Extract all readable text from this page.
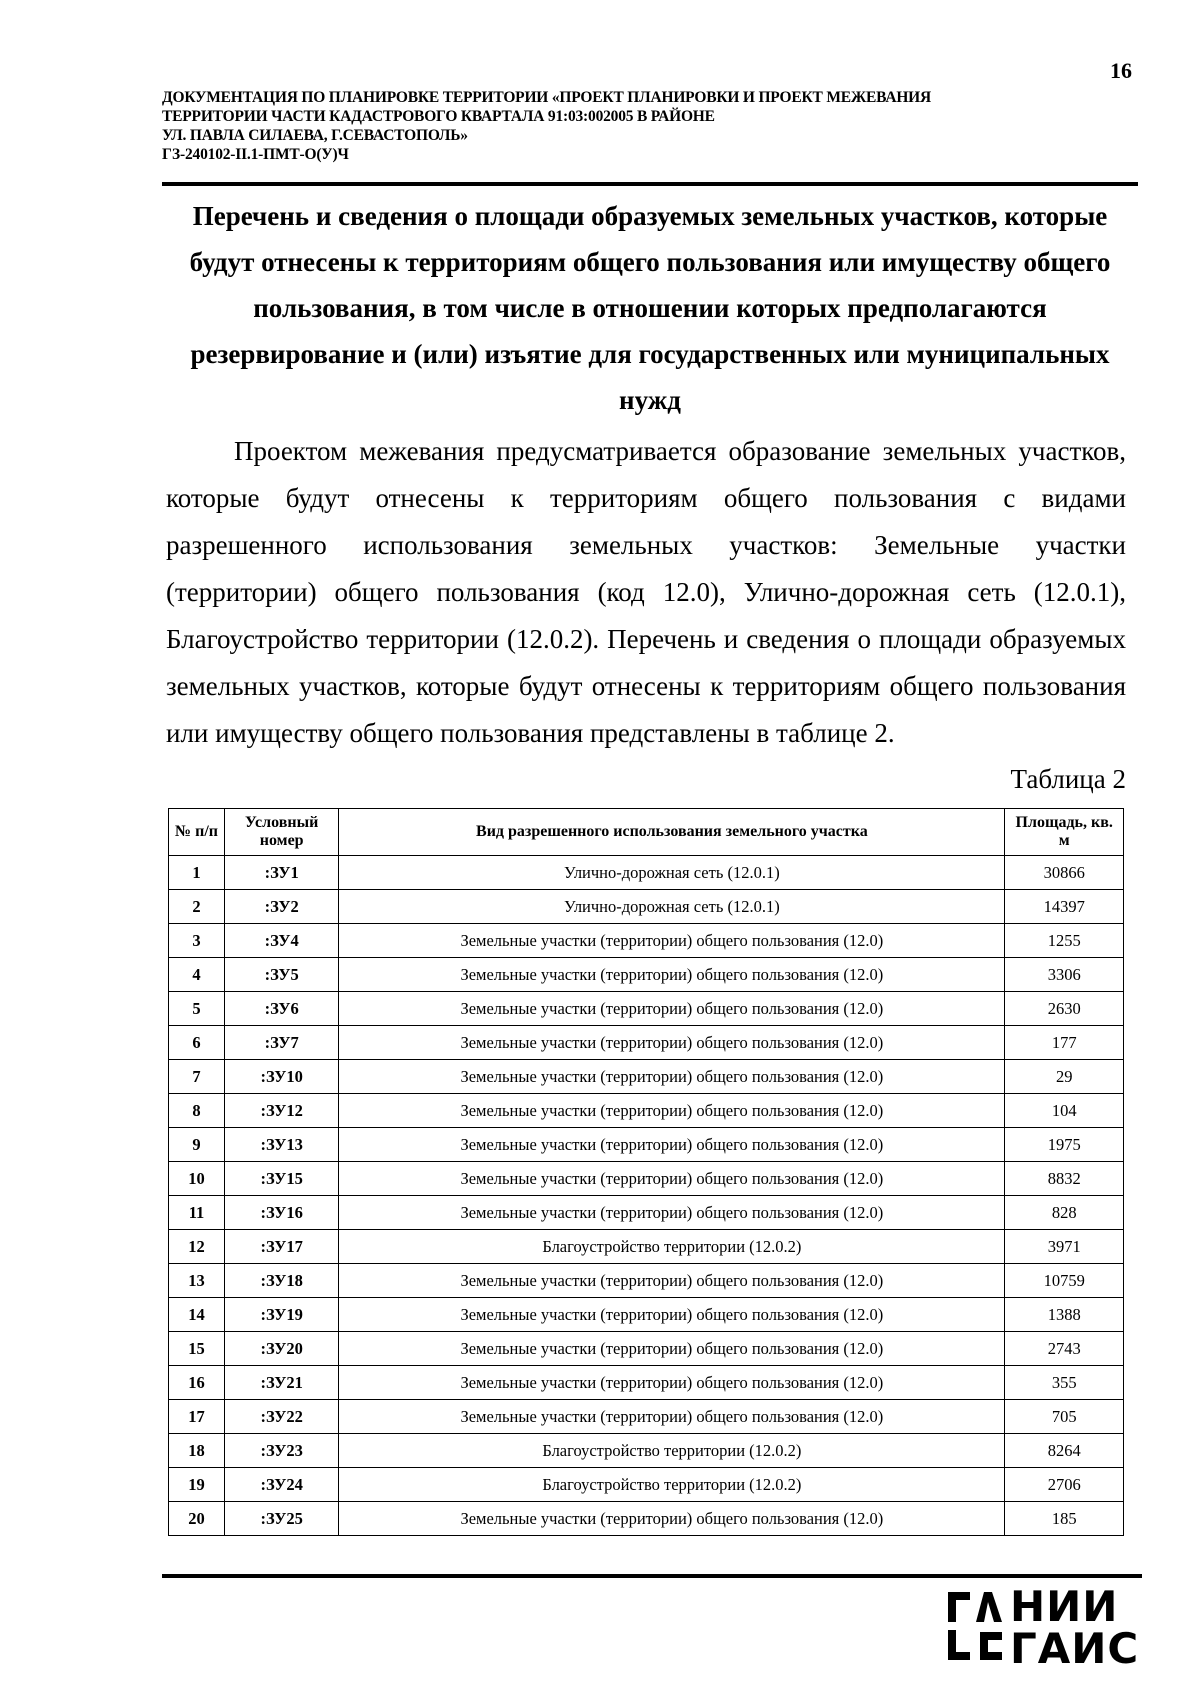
16
ДОКУМЕНТАЦИЯ ПО ПЛАНИРОВКЕ ТЕРРИТОРИИ «ПРОЕКТ ПЛАНИРОВКИ И ПРОЕКТ МЕЖЕВАНИЯ
ТЕРРИТОРИИ ЧАСТИ КАДАСТРОВОГО КВАРТАЛА 91:03:002005 В РАЙОНЕ
УЛ. ПАВЛА СИЛАЕВА, Г.СЕВАСТОПОЛЬ»
ГЗ-240102-II.1-ПМТ-О(У)Ч
Перечень и сведения о площади образуемых земельных участков, которые будут отнесены к территориям общего пользования или имуществу общего пользования, в том числе в отношении которых предполагаются резервирование и (или) изъятие для государственных или муниципальных нужд
Проектом межевания предусматривается образование земельных участков, которые будут отнесены к территориям общего пользования с видами разрешенного использования земельных участков: Земельные участки (территории) общего пользования (код 12.0), Улично-дорожная сеть (12.0.1), Благоустройство территории (12.0.2). Перечень и сведения о площади образуемых земельных участков, которые будут отнесены к территориям общего пользования или имуществу общего пользования представлены в таблице 2.
Таблица 2
№ п/п	Условный номер	Вид разрешенного использования земельного участка	Площадь, кв. м
1	:ЗУ1	Улично-дорожная сеть (12.0.1)	30866
2	:ЗУ2	Улично-дорожная сеть (12.0.1)	14397
3	:ЗУ4	Земельные участки (территории) общего пользования (12.0)	1255
4	:ЗУ5	Земельные участки (территории) общего пользования (12.0)	3306
5	:ЗУ6	Земельные участки (территории) общего пользования (12.0)	2630
6	:ЗУ7	Земельные участки (территории) общего пользования (12.0)	177
7	:ЗУ10	Земельные участки (территории) общего пользования (12.0)	29
8	:ЗУ12	Земельные участки (территории) общего пользования (12.0)	104
9	:ЗУ13	Земельные участки (территории) общего пользования (12.0)	1975
10	:ЗУ15	Земельные участки (территории) общего пользования (12.0)	8832
11	:ЗУ16	Земельные участки (территории) общего пользования (12.0)	828
12	:ЗУ17	Благоустройство территории (12.0.2)	3971
13	:ЗУ18	Земельные участки (территории) общего пользования (12.0)	10759
14	:ЗУ19	Земельные участки (территории) общего пользования (12.0)	1388
15	:ЗУ20	Земельные участки (территории) общего пользования (12.0)	2743
16	:ЗУ21	Земельные участки (территории) общего пользования (12.0)	355
17	:ЗУ22	Земельные участки (территории) общего пользования (12.0)	705
18	:ЗУ23	Благоустройство территории (12.0.2)	8264
19	:ЗУ24	Благоустройство территории (12.0.2)	2706
20	:ЗУ25	Земельные участки (территории) общего пользования (12.0)	185
НИИ
ГАИС
